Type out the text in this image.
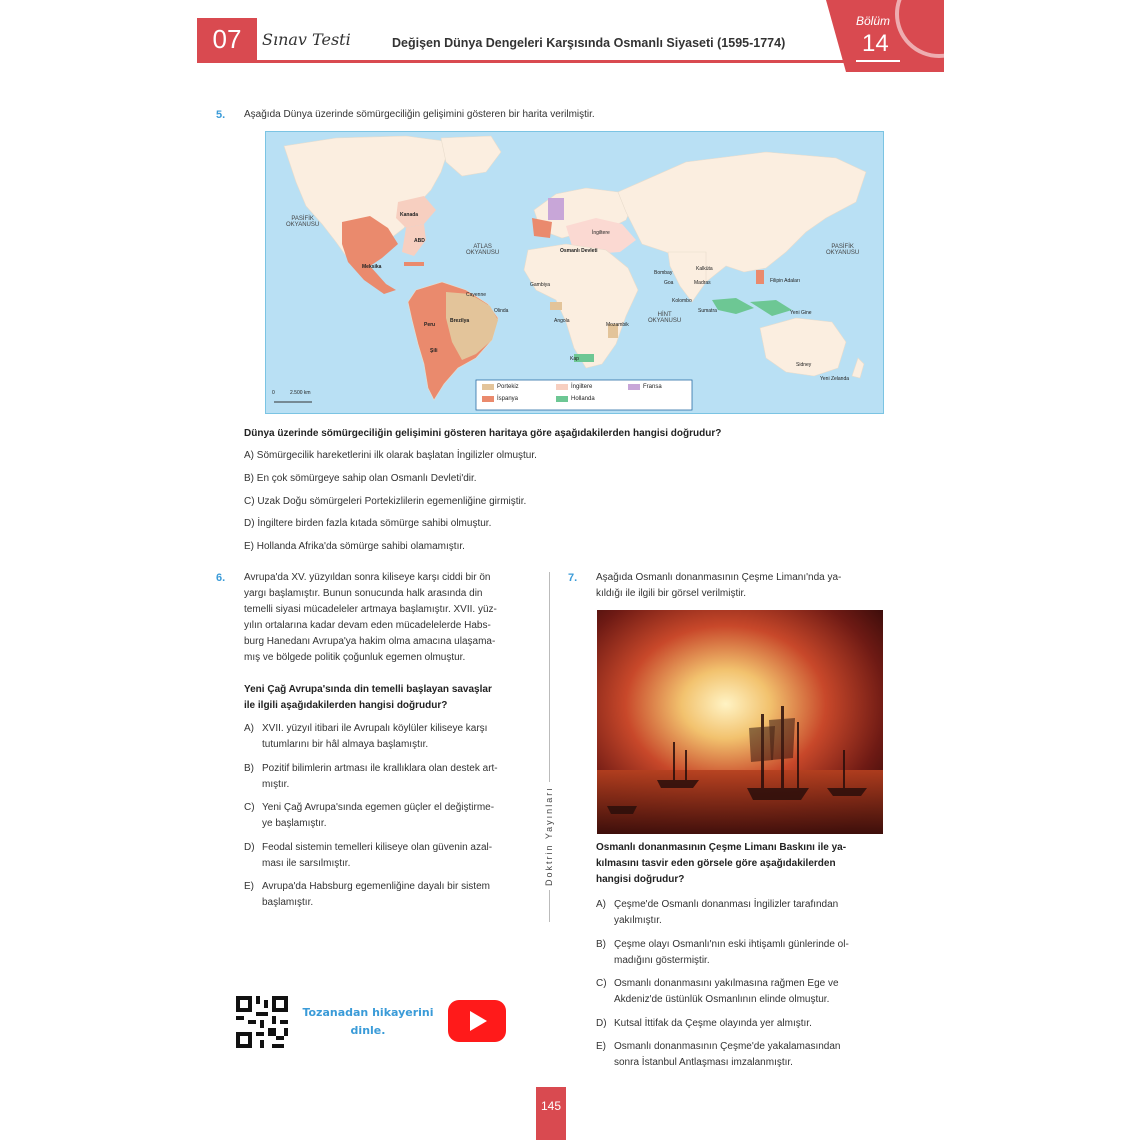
07	Sınav Testi	Değişen Dünya Dengeleri Karşısında Osmanlı Siyaseti (1595-1774)
Bölüm
14
5. Aşağıda Dünya üzerinde sömürgeciliğin gelişimini gösteren bir harita verilmiştir.
PASİFİK
OKYANUSU
ATLAS
OKYANUSU
HİNT
OKYANUSU
PASİFİK
OKYANUSU
Kanada
ABD
Meksika
Cayenne
Brezilya
Peru
Şili
Olinda
Gambiya
Angola
Mozambik
Kap
İngiltere
Osmanlı Devleti
Bombay
Goa
Kalküta
Madras
Kolombo
Sumatra
Filipin Adaları
Yeni Gine
Sidney
Yeni Zelanda
2.500 km
0
Portekiz	İngiltere	Fransa
İspanya	Hollanda
Dünya üzerinde sömürgeciliğin gelişimini gösteren haritaya göre aşağıdakilerden hangisi doğrudur?
A) Sömürgecilik hareketlerini ilk olarak başlatan İngilizler olmuştur.
B) En çok sömürgeye sahip olan Osmanlı Devleti'dir.
C) Uzak Doğu sömürgeleri Portekizlilerin egemenliğine girmiştir.
D) İngiltere birden fazla kıtada sömürge sahibi olmuştur.
E) Hollanda Afrika'da sömürge sahibi olamamıştır.
6. Avrupa'da XV. yüzyıldan sonra kiliseye karşı ciddi bir ön
yargı başlamıştır. Bunun sonucunda halk arasında din
temelli siyasi mücadeleler artmaya başlamıştır. XVII. yüz-
yılın ortalarına kadar devam eden mücadelelerde Habs-
burg Hanedanı Avrupa'ya hakim olma amacına ulaşama-
mış ve bölgede politik çoğunluk egemen olmuştur.
Yeni Çağ Avrupa'sında din temelli başlayan savaşlar
ile ilgili aşağıdakilerden hangisi doğrudur?
A) XVII. yüzyıl itibari ile Avrupalı köylüler kiliseye karşı
tutumlarını bir hâl almaya başlamıştır.
B) Pozitif bilimlerin artması ile krallıklara olan destek art-
mıştır.
C) Yeni Çağ Avrupa'sında egemen güçler el değiştirme-
ye başlamıştır.
D) Feodal sistemin temelleri kiliseye olan güvenin azal-
ması ile sarsılmıştır.
E) Avrupa'da Habsburg egemenliğine dayalı bir sistem
başlamıştır.
Doktrin Yayınları
7. Aşağıda Osmanlı donanmasının Çeşme Limanı'nda ya-
kıldığı ile ilgili bir görsel verilmiştir.
Osmanlı donanmasının Çeşme Limanı Baskını ile ya-
kılmasını tasvir eden görsele göre aşağıdakilerden
hangisi doğrudur?
A) Çeşme'de Osmanlı donanması İngilizler tarafından
yakılmıştır.
B) Çeşme olayı Osmanlı'nın eski ihtişamlı günlerinde ol-
madığını göstermiştir.
C) Osmanlı donanmasını yakılmasına rağmen Ege ve
Akdeniz'de üstünlük Osmanlının elinde olmuştur.
D) Kutsal İttifak da Çeşme olayında yer almıştır.
E) Osmanlı donanmasının Çeşme'de yakalamasından
sonra İstanbul Antlaşması imzalanmıştır.
Tozanadan hikayerini
dinle.
145
